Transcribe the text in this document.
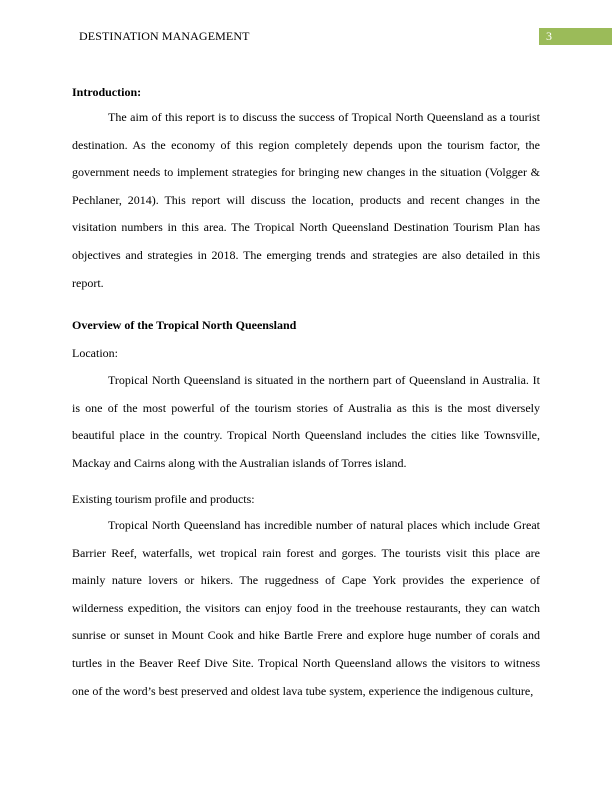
DESTINATION MANAGEMENT	3
Introduction:

The aim of this report is to discuss the success of Tropical North Queensland as a tourist destination. As the economy of this region completely depends upon the tourism factor, the government needs to implement strategies for bringing new changes in the situation (Volgger & Pechlaner, 2014). This report will discuss the location, products and recent changes in the visitation numbers in this area. The Tropical North Queensland Destination Tourism Plan has objectives and strategies in 2018. The emerging trends and strategies are also detailed in this report.

Overview of the Tropical North Queensland
Location:

Tropical North Queensland is situated in the northern part of Queensland in Australia. It is one of the most powerful of the tourism stories of Australia as this is the most diversely beautiful place in the country. Tropical North Queensland includes the cities like Townsville, Mackay and Cairns along with the Australian islands of Torres island.

Existing tourism profile and products:

Tropical North Queensland has incredible number of natural places which include Great Barrier Reef, waterfalls, wet tropical rain forest and gorges. The tourists visit this place are mainly nature lovers or hikers. The ruggedness of Cape York provides the experience of wilderness expedition, the visitors can enjoy food in the treehouse restaurants, they can watch sunrise or sunset in Mount Cook and hike Bartle Frere and explore huge number of corals and turtles in the Beaver Reef Dive Site. Tropical North Queensland allows the visitors to witness one of the word’s best preserved and oldest lava tube system, experience the indigenous culture,
